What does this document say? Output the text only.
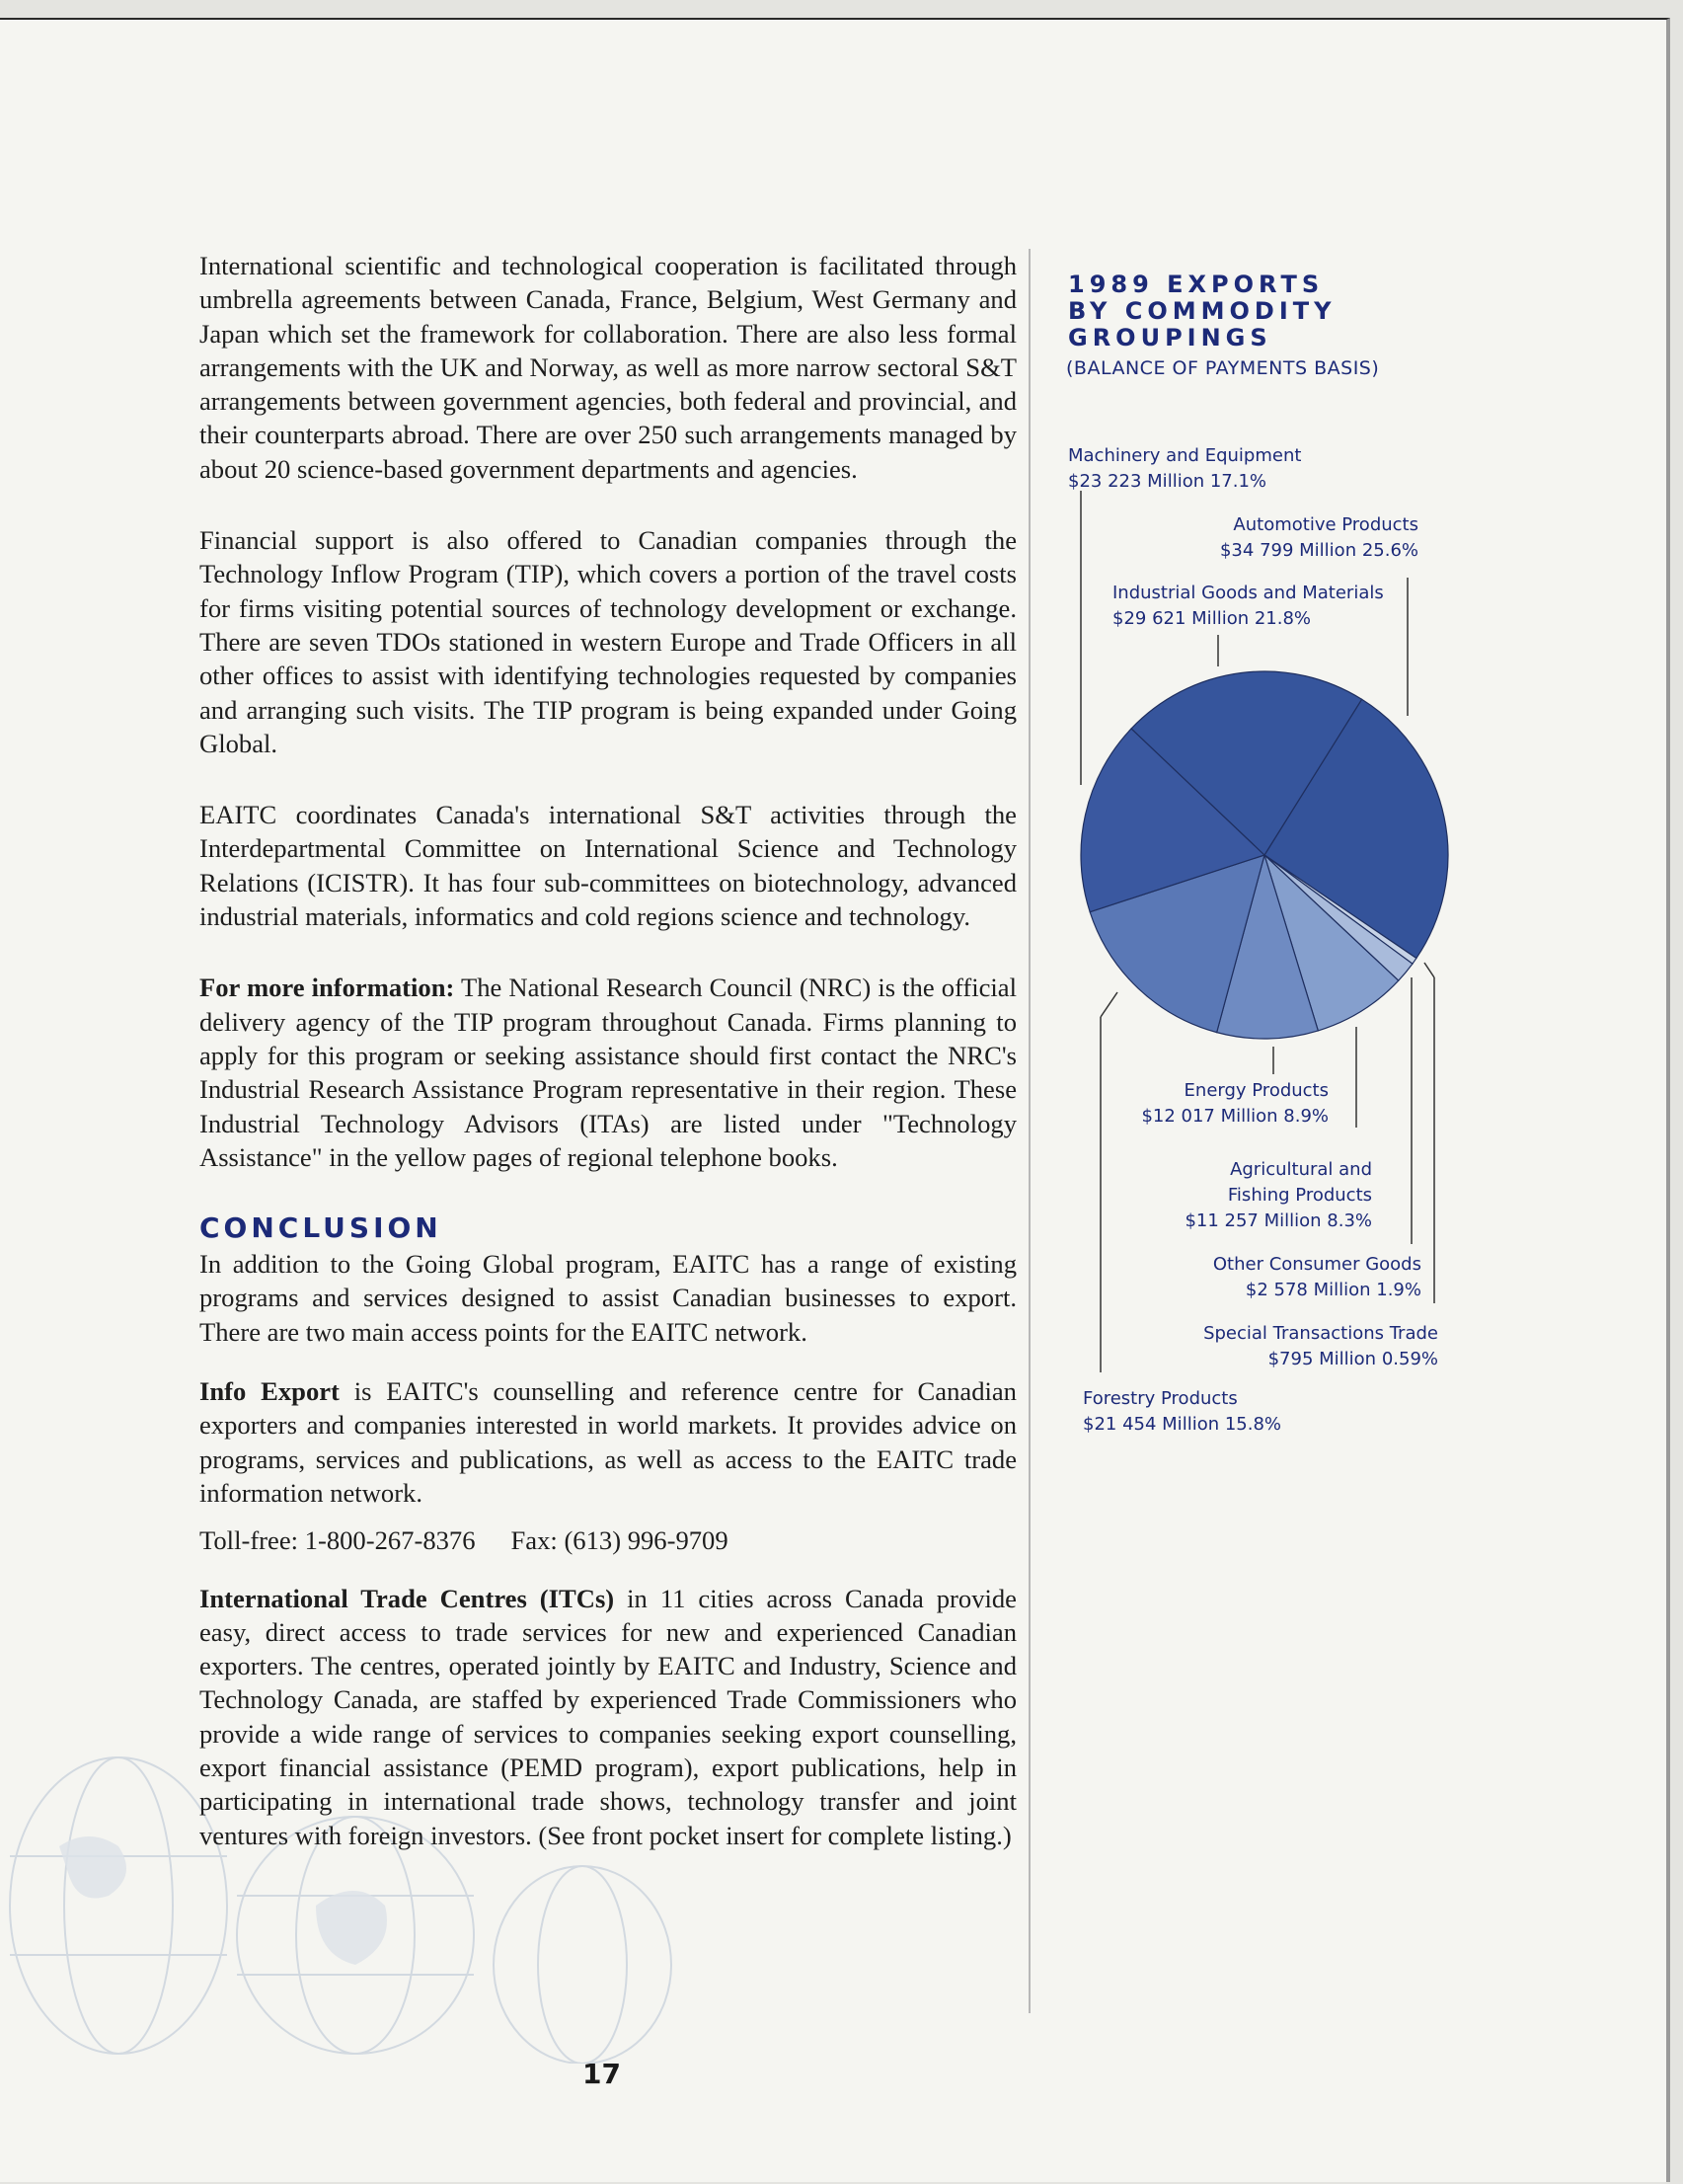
International scientific and technological cooperation is facilitated through umbrella agreements between Canada, France, Belgium, West Germany and Japan which set the framework for collaboration. There are also less formal arrangements with the UK and Norway, as well as more narrow sectoral S&T arrangements between government agencies, both federal and provincial, and their counterparts abroad. There are over 250 such arrangements managed by about 20 science-based government departments and agencies.

Financial support is also offered to Canadian companies through the Technology Inflow Program (TIP), which covers a portion of the travel costs for firms visiting potential sources of technology development or exchange. There are seven TDOs stationed in western Europe and Trade Officers in all other offices to assist with identifying technologies requested by companies and arranging such visits. The TIP program is being expanded under Going Global.

EAITC coordinates Canada's international S&T activities through the Interdepartmental Committee on International Science and Technology Relations (ICISTR). It has four sub-committees on biotechnology, advanced industrial materials, informatics and cold regions science and technology.

For more information: The National Research Council (NRC) is the official delivery agency of the TIP program throughout Canada. Firms planning to apply for this program or seeking assistance should first contact the NRC's Industrial Research Assistance Program representative in their region. These Industrial Technology Advisors (ITAs) are listed under "Technology Assistance" in the yellow pages of regional telephone books.

CONCLUSION

In addition to the Going Global program, EAITC has a range of existing programs and services designed to assist Canadian businesses to export. There are two main access points for the EAITC network.

Info Export is EAITC's counselling and reference centre for Canadian exporters and companies interested in world markets. It provides advice on programs, services and publications, as well as access to the EAITC trade information network.

Toll-free: 1-800-267-8376 Fax: (613) 996-9709

International Trade Centres (ITCs) in 11 cities across Canada provide easy, direct access to trade services for new and experienced Canadian exporters. The centres, operated jointly by EAITC and Industry, Science and Technology Canada, are staffed by experienced Trade Commissioners who provide a wide range of services to companies seeking export counselling, export financial assistance (PEMD program), export publications, help in participating in international trade shows, technology transfer and joint ventures with foreign investors. (See front pocket insert for complete listing.)

1989 EXPORTS
BY COMMODITY
GROUPINGS
(BALANCE OF PAYMENTS BASIS)
Automotive Products
$34 799 Million 25.6%
Special Transactions Trade
$795 Million 0.59%
Other Consumer Goods
$2 578 Million 1.9%
Agricultural and
Fishing Products
$11 257 Million 8.3%
Energy Products
$12 017 Million 8.9%
Forestry Products
$21 454 Million 15.8%
Machinery and Equipment
$23 223 Million 17.1%
Industrial Goods and Materials
$29 621 Million 21.8%
17
